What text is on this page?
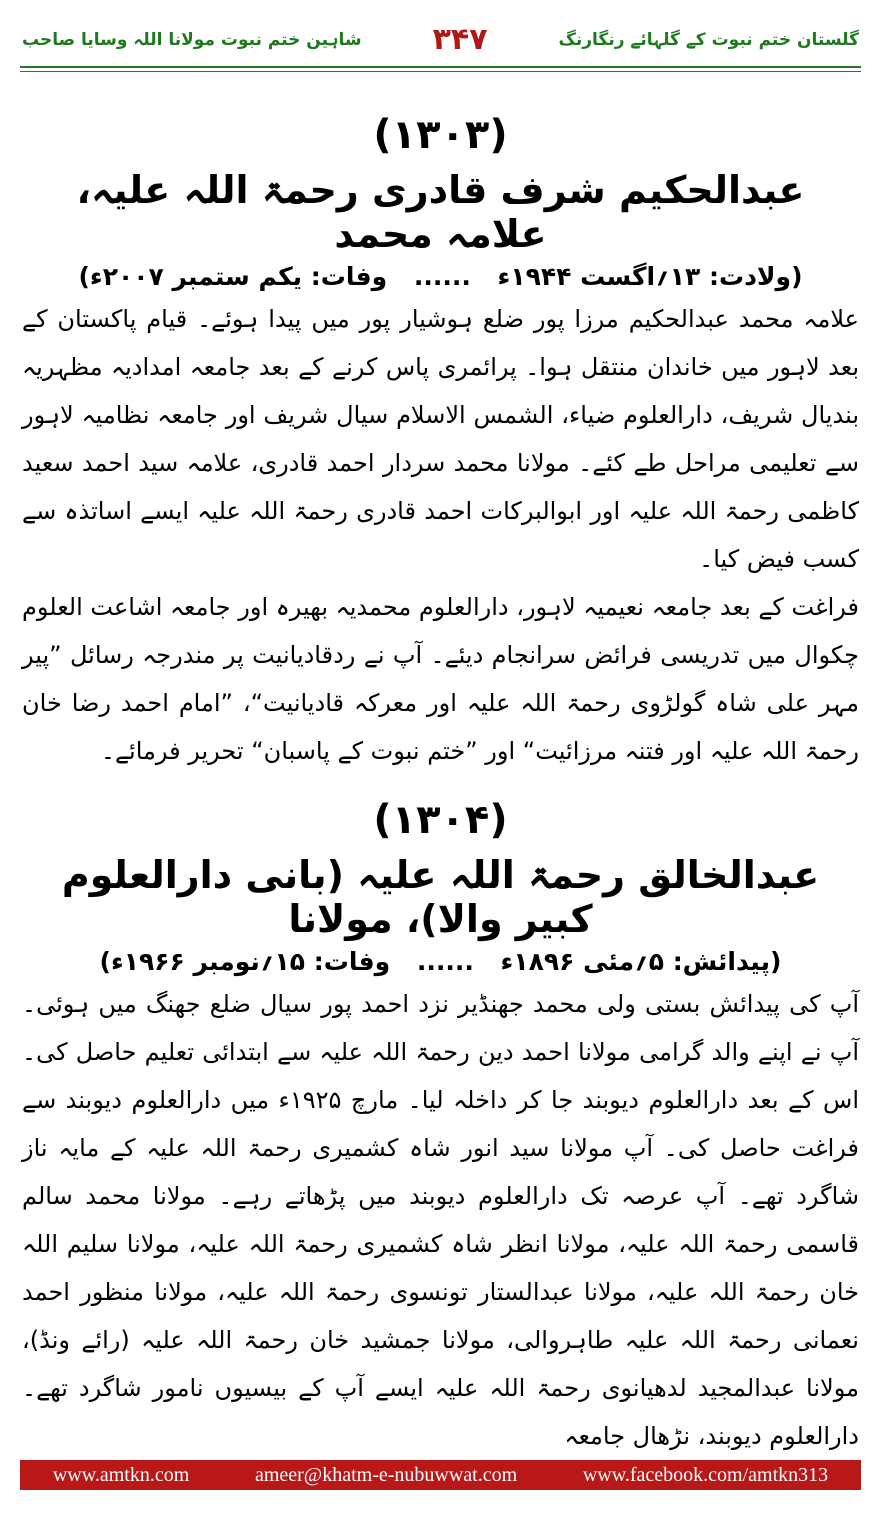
شاہین ختم نبوت مولانا اللہ وسایا صاحب ۳۴۷	گلستان ختم نبوت کے گلہائے رنگارنگ
(۱۳۰۳)
عبدالحکیم شرف قادری رحمۃ اللہ علیہ، علامہ محمد
(ولادت: ۱۳؍اگست ۱۹۴۴ء ...... وفات: یکم ستمبر ۲۰۰۷ء)

علامہ محمد عبدالحکیم مرزا پور ضلع ہوشیار پور میں پیدا ہوئے۔ قیام پاکستان کے بعد لاہور میں خاندان منتقل ہوا۔ پرائمری پاس کرنے کے بعد جامعہ امدادیہ مظہریہ بندیال شریف، دارالعلوم ضیاء، الشمس الاسلام سیال شریف اور جامعہ نظامیہ لاہور سے تعلیمی مراحل طے کئے۔ مولانا محمد سردار احمد قادری، علامہ سید احمد سعید کاظمی رحمۃ اللہ علیہ اور ابوالبرکات احمد قادری رحمۃ اللہ علیہ ایسے اساتذہ سے کسب فیض کیا۔

فراغت کے بعد جامعہ نعیمیہ لاہور، دارالعلوم محمدیہ بھیرہ اور جامعہ اشاعت العلوم چکوال میں تدریسی فرائض سرانجام دیئے۔ آپ نے ردقادیانیت پر مندرجہ رسائل ”پیر مہر علی شاہ گولڑوی رحمۃ اللہ علیہ اور معرکہ قادیانیت“، ”امام احمد رضا خان رحمۃ اللہ علیہ اور فتنہ مرزائیت“ اور ”ختم نبوت کے پاسبان“ تحریر فرمائے۔

(۱۳۰۴)
عبدالخالق رحمۃ اللہ علیہ (بانی دارالعلوم کبیر والا)، مولانا
(پیدائش: ۵؍مئی ۱۸۹۶ء ...... وفات: ۱۵؍نومبر ۱۹۶۶ء)

آپ کی پیدائش بستی ولی محمد جھنڈیر نزد احمد پور سیال ضلع جھنگ میں ہوئی۔ آپ نے اپنے والد گرامی مولانا احمد دین رحمۃ اللہ علیہ سے ابتدائی تعلیم حاصل کی۔ اس کے بعد دارالعلوم دیوبند جا کر داخلہ لیا۔ مارچ ۱۹۲۵ء میں دارالعلوم دیوبند سے فراغت حاصل کی۔ آپ مولانا سید انور شاہ کشمیری رحمۃ اللہ علیہ کے مایہ ناز شاگرد تھے۔ آپ عرصہ تک دارالعلوم دیوبند میں پڑھاتے رہے۔ مولانا محمد سالم قاسمی رحمۃ اللہ علیہ، مولانا انظر شاہ کشمیری رحمۃ اللہ علیہ، مولانا سلیم اللہ خان رحمۃ اللہ علیہ، مولانا عبدالستار تونسوی رحمۃ اللہ علیہ، مولانا منظور احمد نعمانی رحمۃ اللہ علیہ طاہروالی، مولانا جمشید خان رحمۃ اللہ علیہ (رائے ونڈ)، مولانا عبدالمجید لدھیانوی رحمۃ اللہ علیہ ایسے آپ کے بیسیوں نامور شاگرد تھے۔ دارالعلوم دیوبند، نڑھال جامعہ

www.amtkn.com	ameer@khatm-e-nubuwwat.com	www.facebook.com/amtkn313
